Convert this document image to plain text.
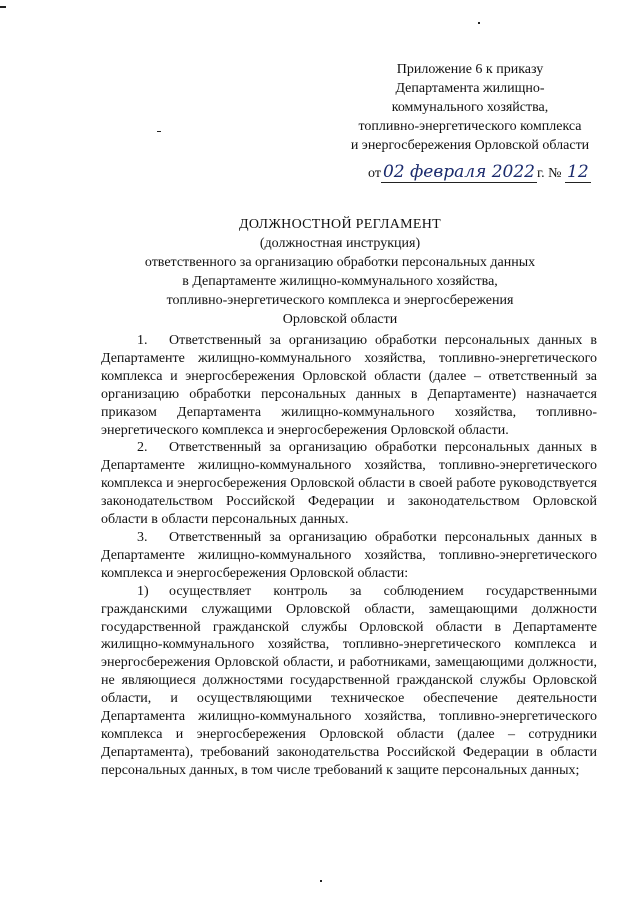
Приложение 6 к приказу
Департамента жилищно-
коммунального хозяйства,
топливно-энергетического комплекса
и энергосбережения Орловской области
от 02 февраля 2022 г. № 12
ДОЛЖНОСТНОЙ РЕГЛАМЕНТ
(должностная инструкция)
ответственного за организацию обработки персональных данных
в Департаменте жилищно-коммунального хозяйства,
топливно-энергетического комплекса и энергосбережения
Орловской области

1. Ответственный за организацию обработки персональных данных в Департаменте жилищно-коммунального хозяйства, топливно-энергетического комплекса и энергосбережения Орловской области (далее – ответственный за организацию обработки персональных данных в Департаменте) назначается приказом Департамента жилищно-коммунального хозяйства, топливно-энергетического комплекса и энергосбережения Орловской области.

2. Ответственный за организацию обработки персональных данных в Департаменте жилищно-коммунального хозяйства, топливно-энергетического комплекса и энергосбережения Орловской области в своей работе руководствуется законодательством Российской Федерации и законодательством Орловской области в области персональных данных.

3. Ответственный за организацию обработки персональных данных в Департаменте жилищно-коммунального хозяйства, топливно-энергетического комплекса и энергосбережения Орловской области:

1) осуществляет контроль за соблюдением государственными гражданскими служащими Орловской области, замещающими должности государственной гражданской службы Орловской области в Департаменте жилищно-коммунального хозяйства, топливно-энергетического комплекса и энергосбережения Орловской области, и работниками, замещающими должности, не являющиеся должностями государственной гражданской службы Орловской области, и осуществляющими техническое обеспечение деятельности Департамента жилищно-коммунального хозяйства, топливно-энергетического комплекса и энергосбережения Орловской области (далее – сотрудники Департамента), требований законодательства Российской Федерации в области персональных данных, в том числе требований к защите персональных данных;
